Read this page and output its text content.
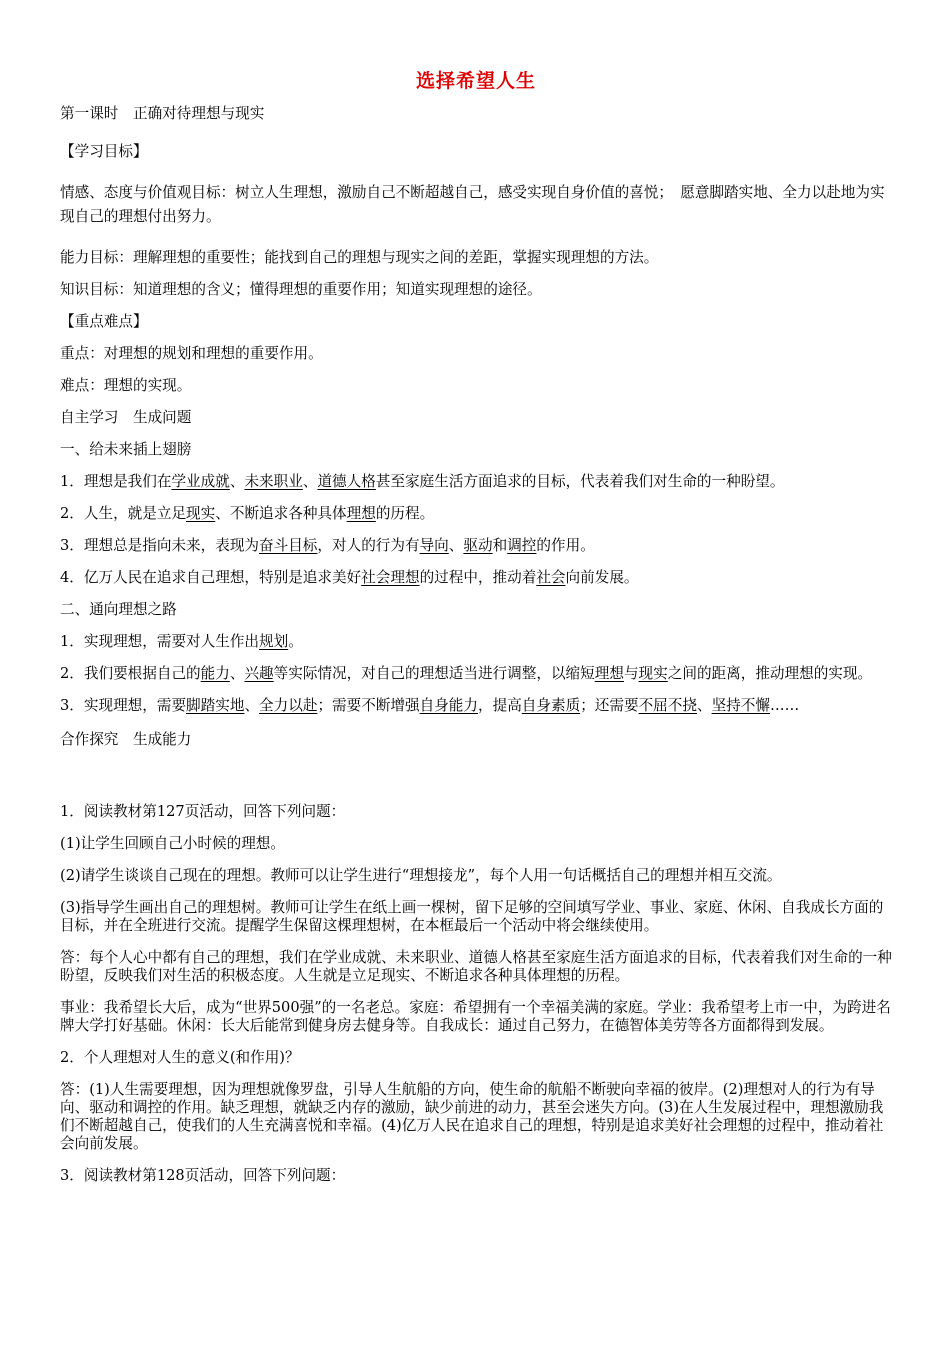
选择希望人生

第一课时　正确对待理想与现实

【学习目标】

情感、态度与价值观目标：树立人生理想，激励自己不断超越自己，感受实现自身价值的喜悦；　愿意脚踏实地、全力以赴地为实现自己的理想付出努力。

能力目标：理解理想的重要性；能找到自己的理想与现实之间的差距，掌握实现理想的方法。

知识目标：知道理想的含义；懂得理想的重要作用；知道实现理想的途径。

【重点难点】

重点：对理想的规划和理想的重要作用。

难点：理想的实现。

自主学习　生成问题

一、给未来插上翅膀

1．理想是我们在学业成就、未来职业、道德人格甚至家庭生活方面追求的目标，代表着我们对生命的一种盼望。

2．人生，就是立足现实、不断追求各种具体理想的历程。

3．理想总是指向未来，表现为奋斗目标，对人的行为有导向、驱动和调控的作用。

4．亿万人民在追求自己理想，特别是追求美好社会理想的过程中，推动着社会向前发展。

二、通向理想之路

1．实现理想，需要对人生作出规划。

2．我们要根据自己的能力、兴趣等实际情况，对自己的理想适当进行调整，以缩短理想与现实之间的距离，推动理想的实现。

3．实现理想，需要脚踏实地、全力以赴；需要不断增强自身能力，提高自身素质；还需要不屈不挠、坚持不懈……

合作探究　生成能力

1．阅读教材第127页活动，回答下列问题：

(1)让学生回顾自己小时候的理想。

(2)请学生谈谈自己现在的理想。教师可以让学生进行“理想接龙”，每个人用一句话概括自己的理想并相互交流。

(3)指导学生画出自己的理想树。教师可让学生在纸上画一棵树，留下足够的空间填写学业、事业、家庭、休闲、自我成长方面的目标，并在全班进行交流。提醒学生保留这棵理想树，在本框最后一个活动中将会继续使用。

答：每个人心中都有自己的理想，我们在学业成就、未来职业、道德人格甚至家庭生活方面追求的目标，代表着我们对生命的一种盼望，反映我们对生活的积极态度。人生就是立足现实、不断追求各种具体理想的历程。

事业：我希望长大后，成为“世界500强”的一名老总。家庭：希望拥有一个幸福美满的家庭。学业：我希望考上市一中，为跨进名牌大学打好基础。休闲：长大后能常到健身房去健身等。自我成长：通过自己努力，在德智体美劳等各方面都得到发展。

2．个人理想对人生的意义(和作用)？

答：(1)人生需要理想，因为理想就像罗盘，引导人生航船的方向，使生命的航船不断驶向幸福的彼岸。(2)理想对人的行为有导向、驱动和调控的作用。缺乏理想，就缺乏内存的激励，缺少前进的动力，甚至会迷失方向。(3)在人生发展过程中，理想激励我们不断超越自己，使我们的人生充满喜悦和幸福。(4)亿万人民在追求自己的理想，特别是追求美好社会理想的过程中，推动着社会向前发展。

3．阅读教材第128页活动，回答下列问题：
